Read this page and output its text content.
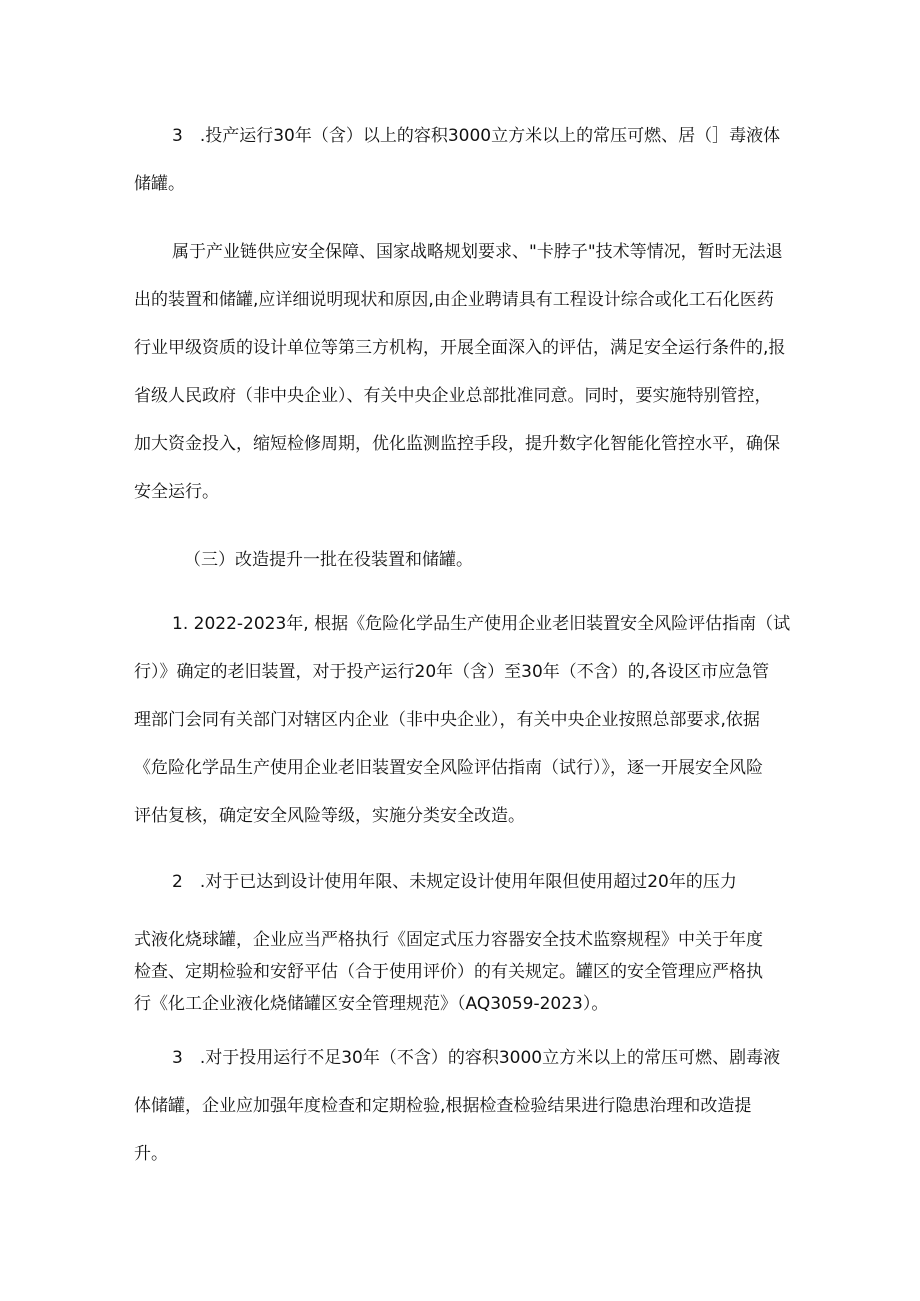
3　.投产运行30年（含）以上的容积3000立方米以上的常压可燃、居（］毒液体
储罐。
属于产业链供应安全保障、国家战略规划要求、"卡脖子"技术等情况，暂时无法退
出的装置和储罐,应详细说明现状和原因,由企业聘请具有工程设计综合或化工石化医药
行业甲级资质的设计单位等第三方机构，开展全面深入的评估，满足安全运行条件的,报
省级人民政府（非中央企业）、有关中央企业总部批准同意。同时，要实施特别管控，
加大资金投入，缩短检修周期，优化监测监控手段，提升数字化智能化管控水平，确保
安全运行。
（三）改造提升一批在役装置和储罐。
1. 2022-2023年, 根据《危险化学品生产使用企业老旧装置安全风险评估指南（试
行）》确定的老旧装置，对于投产运行20年（含）至30年（不含）的,各设区市应急管
理部门会同有关部门对辖区内企业（非中央企业），有关中央企业按照总部要求,依据
《危险化学品生产使用企业老旧装置安全风险评估指南（试行）》，逐一开展安全风险
评估复核，确定安全风险等级，实施分类安全改造。
2　.对于已达到设计使用年限、未规定设计使用年限但使用超过20年的压力
式液化烧球罐，企业应当严格执行《固定式压力容器安全技术监察规程》中关于年度
检查、定期检验和安舒平估（合于使用评价）的有关规定。罐区的安全管理应严格执
行《化工企业液化烧储罐区安全管理规范》（AQ3059-2023）。
3　.对于投用运行不足30年（不含）的容积3000立方米以上的常压可燃、剧毒液
体储罐，企业应加强年度检查和定期检验,根据检查检验结果进行隐患治理和改造提
升。
